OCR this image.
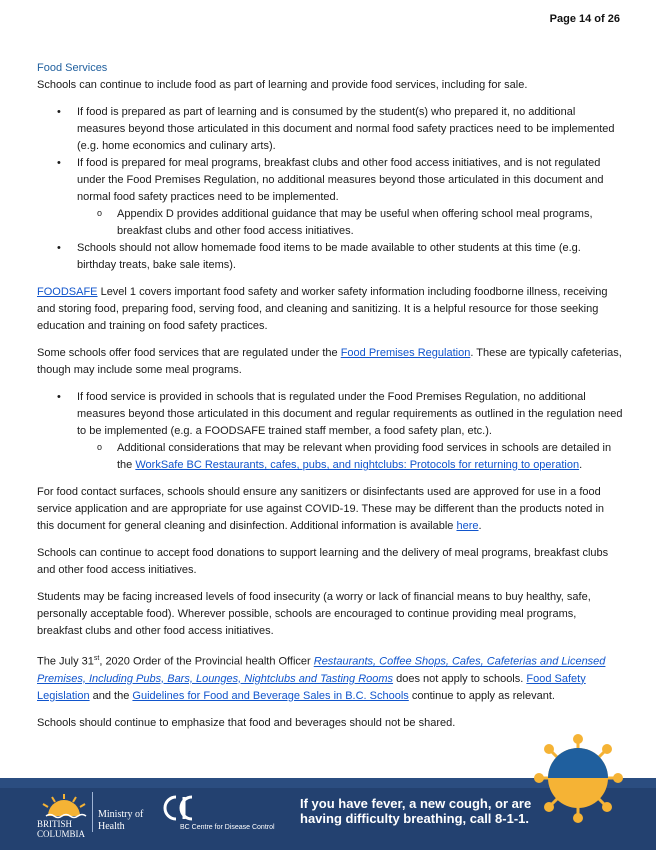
Page 14 of 26

Food Services

Schools can continue to include food as part of learning and provide food services, including for sale.

• If food is prepared as part of learning and is consumed by the student(s) who prepared it, no additional measures beyond those articulated in this document and normal food safety practices need to be implemented (e.g. home economics and culinary arts).
• If food is prepared for meal programs, breakfast clubs and other food access initiatives, and is not regulated under the Food Premises Regulation, no additional measures beyond those articulated in this document and normal food safety practices need to be implemented.
o Appendix D provides additional guidance that may be useful when offering school meal programs, breakfast clubs and other food access initiatives.
• Schools should not allow homemade food items to be made available to other students at this time (e.g. birthday treats, bake sale items).

FOODSAFE Level 1 covers important food safety and worker safety information including foodborne illness, receiving and storing food, preparing food, serving food, and cleaning and sanitizing. It is a helpful resource for those seeking education and training on food safety practices.

Some schools offer food services that are regulated under the Food Premises Regulation. These are typically cafeterias, though may include some meal programs.

• If food service is provided in schools that is regulated under the Food Premises Regulation, no additional measures beyond those articulated in this document and regular requirements as outlined in the regulation need to be implemented (e.g. a FOODSAFE trained staff member, a food safety plan, etc.).
o Additional considerations that may be relevant when providing food services in schools are detailed in the WorkSafe BC Restaurants, cafes, pubs, and nightclubs: Protocols for returning to operation.

For food contact surfaces, schools should ensure any sanitizers or disinfectants used are approved for use in a food service application and are appropriate for use against COVID-19. These may be different than the products noted in this document for general cleaning and disinfection. Additional information is available here.

Schools can continue to accept food donations to support learning and the delivery of meal programs, breakfast clubs and other food access initiatives.

Students may be facing increased levels of food insecurity (a worry or lack of financial means to buy healthy, safe, personally acceptable food). Wherever possible, schools are encouraged to continue providing meal programs, breakfast clubs and other food access initiatives.

The July 31st, 2020 Order of the Provincial health Officer Restaurants, Coffee Shops, Cafes, Cafeterias and Licensed Premises, Including Pubs, Bars, Lounges, Nightclubs and Tasting Rooms does not apply to schools. Food Safety Legislation and the Guidelines for Food and Beverage Sales in B.C. Schools continue to apply as relevant.

Schools should continue to emphasize that food and beverages should not be shared.

BRITISH
COLUMBIA
Ministry of
Health	BC Centre for Disease Control
If you have fever, a new cough, or are
having difficulty breathing, call 8-1-1.
